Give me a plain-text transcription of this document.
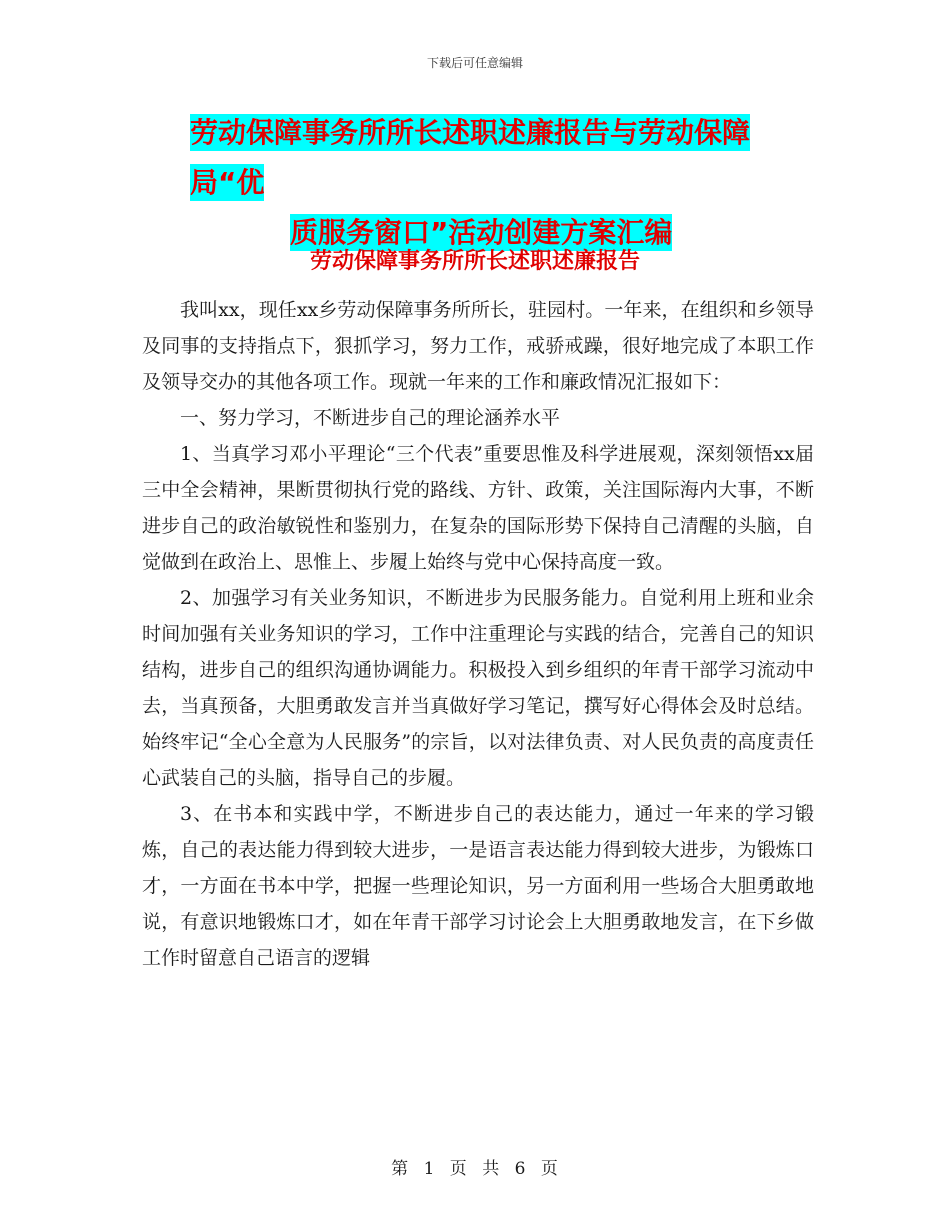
下载后可任意编辑
劳动保障事务所所长述职述廉报告与劳动保障局“优
质服务窗口”活动创建方案汇编
劳动保障事务所所长述职述廉报告

我叫xx，现任xx乡劳动保障事务所所长，驻园村。一年来，在组织和乡领导及同事的支持指点下，狠抓学习，努力工作，戒骄戒躁，很好地完成了本职工作及领导交办的其他各项工作。现就一年来的工作和廉政情况汇报如下：

一、努力学习，不断进步自己的理论涵养水平

1、当真学习邓小平理论“三个代表”重要思惟及科学进展观，深刻领悟xx届三中全会精神，果断贯彻执行党的路线、方针、政策，关注国际海内大事，不断进步自己的政治敏锐性和鉴别力，在复杂的国际形势下保持自己清醒的头脑，自觉做到在政治上、思惟上、步履上始终与党中心保持高度一致。

2、加强学习有关业务知识，不断进步为民服务能力。自觉利用上班和业余时间加强有关业务知识的学习，工作中注重理论与实践的结合，完善自己的知识结构，进步自己的组织沟通协调能力。积极投入到乡组织的年青干部学习流动中去，当真预备，大胆勇敢发言并当真做好学习笔记，撰写好心得体会及时总结。始终牢记“全心全意为人民服务”的宗旨，以对法律负责、对人民负责的高度责任心武装自己的头脑，指导自己的步履。

3、在书本和实践中学，不断进步自己的表达能力，通过一年来的学习锻炼，自己的表达能力得到较大进步，一是语言表达能力得到较大进步，为锻炼口才，一方面在书本中学，把握一些理论知识，另一方面利用一些场合大胆勇敢地说，有意识地锻炼口才，如在年青干部学习讨论会上大胆勇敢地发言，在下乡做工作时留意自己语言的逻辑

第 1 页 共 6 页
